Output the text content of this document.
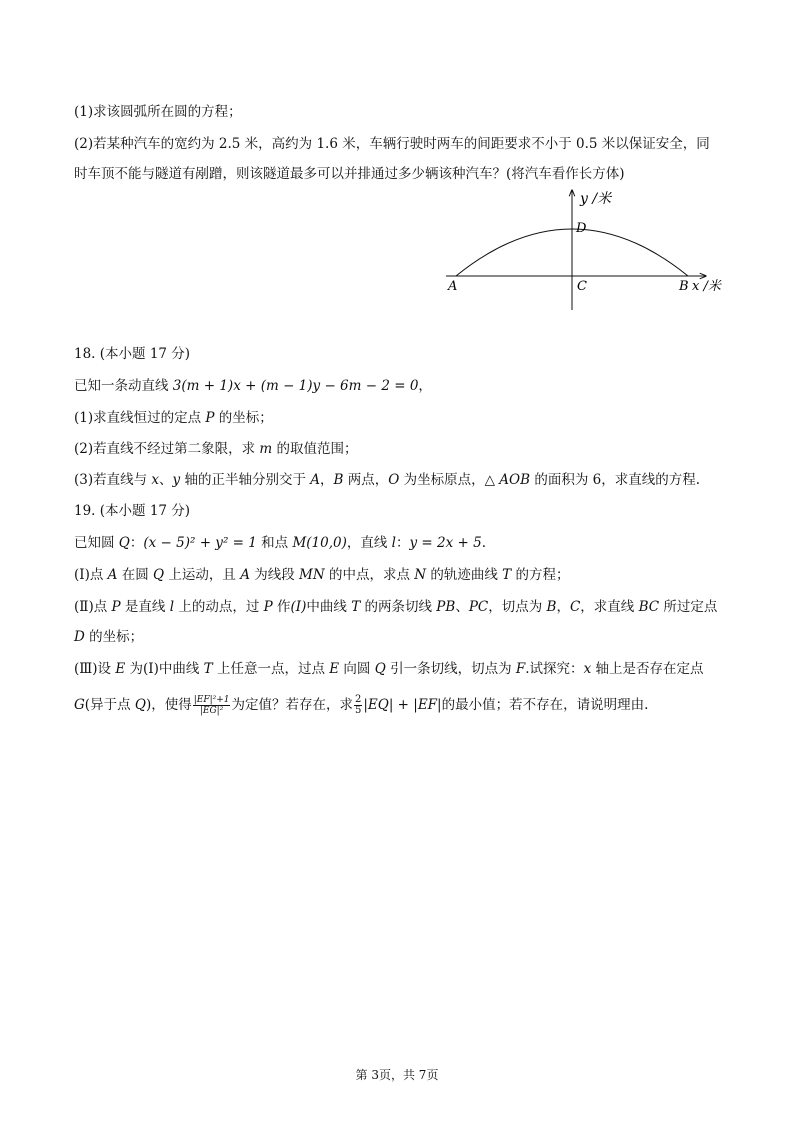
(1)求该圆弧所在圆的方程；
(2)若某种汽车的宽约为 2.5 米，高约为 1.6 米，车辆行驶时两车的间距要求不小于 0.5 米以保证安全，同
时车顶不能与隧道有剐蹭，则该隧道最多可以并排通过多少辆该种汽车？(将汽车看作长方体)
y /米
D
A	C	B x /米
18. (本小题 17 分)
已知一条动直线 3(m + 1)x + (m − 1)y − 6m − 2 = 0，
(1)求直线恒过的定点 P 的坐标；
(2)若直线不经过第二象限，求 m 的取值范围；
(3)若直线与 x、y 轴的正半轴分别交于 A，B 两点，O 为坐标原点，△ AOB 的面积为 6，求直线的方程.
19. (本小题 17 分)
已知圆 Q：(x − 5)² + y² = 1 和点 M(10,0)，直线 l：y = 2x + 5.
(Ⅰ)点 A 在圆 Q 上运动，且 A 为线段 MN 的中点，求点 N 的轨迹曲线 T 的方程；
(Ⅱ)点 P 是直线 l 上的动点，过 P 作(I)中曲线 T 的两条切线 PB、PC，切点为 B，C，求直线 BC 所过定点
D 的坐标；
(Ⅲ)设 E 为(Ⅰ)中曲线 T 上任意一点，过点 E 向圆 Q 引一条切线，切点为 F.试探究：x 轴上是否存在定点
G(异于点 Q)，使得 $\frac{\text{|EF|²+1}}{\text{|EG|²}}$ 为定值？若存在，求 $\frac{2}{5} |EQ| + |EF|$的最小值；若不存在，请说明理由.
第 3页，共 7页
